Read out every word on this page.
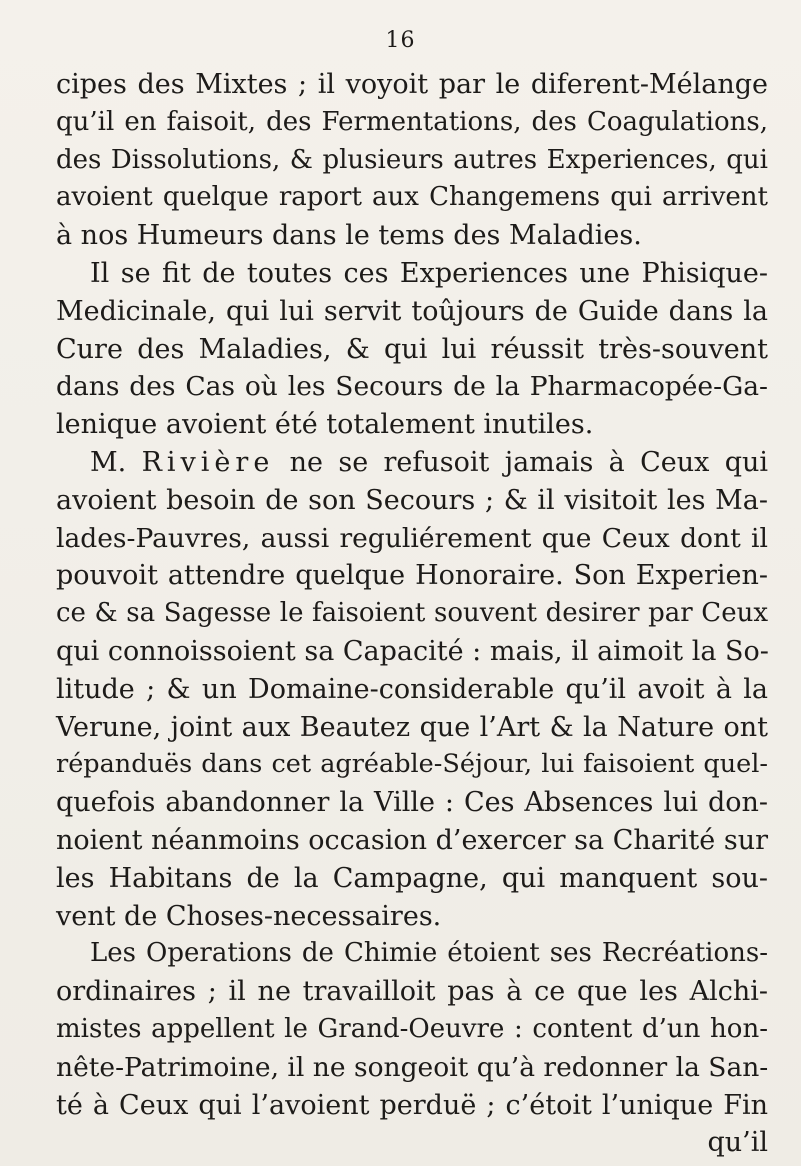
16
cipes des Mixtes ; il voyoit par le diferent-Mélange
qu’il en faisoit, des Fermentations, des Coagulations,
des Dissolutions, & plusieurs autres Experiences, qui
avoient quelque raport aux Changemens qui arrivent
à nos Humeurs dans le tems des Maladies.
Il se fit de toutes ces Experiences une Phisique-
Medicinale, qui lui servit toûjours de Guide dans la
Cure des Maladies, & qui lui réussit très-souvent
dans des Cas où les Secours de la Pharmacopée-Ga-
lenique avoient été totalement inutiles.
M. Rivière ne se refusoit jamais à Ceux qui
avoient besoin de son Secours ; & il visitoit les Ma-
lades-Pauvres, aussi reguliérement que Ceux dont il
pouvoit attendre quelque Honoraire. Son Experien-
ce & sa Sagesse le faisoient souvent desirer par Ceux
qui connoissoient sa Capacité : mais, il aimoit la So-
litude ; & un Domaine-considerable qu’il avoit à la
Verune, joint aux Beautez que l’Art & la Nature ont
répanduës dans cet agréable-Séjour, lui faisoient quel-
quefois abandonner la Ville : Ces Absences lui don-
noient néanmoins occasion d’exercer sa Charité sur
les Habitans de la Campagne, qui manquent sou-
vent de Choses-necessaires.
Les Operations de Chimie étoient ses Recréations-
ordinaires ; il ne travailloit pas à ce que les Alchi-
mistes appellent le Grand-Oeuvre : content d’un hon-
nête-Patrimoine, il ne songeoit qu’à redonner la San-
té à Ceux qui l’avoient perduë ; c’étoit l’unique Fin
qu’il
